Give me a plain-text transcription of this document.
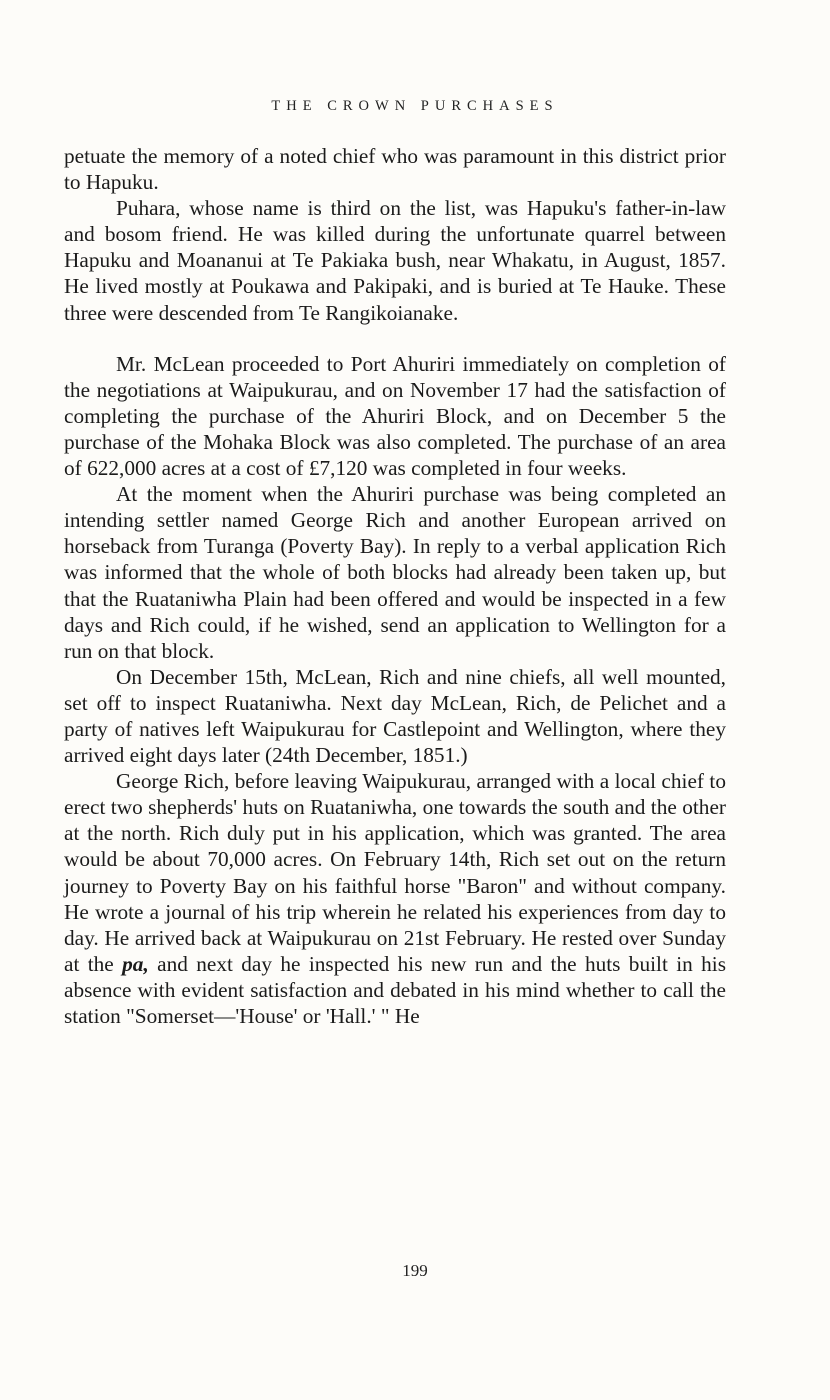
THE CROWN PURCHASES

petuate the memory of a noted chief who was paramount in this district prior to Hapuku.

Puhara, whose name is third on the list, was Hapuku's father-in-law and bosom friend. He was killed during the unfortunate quarrel between Hapuku and Moananui at Te Pakiaka bush, near Whakatu, in August, 1857. He lived mostly at Poukawa and Pakipaki, and is buried at Te Hauke. These three were descended from Te Rangikoianake.

Mr. McLean proceeded to Port Ahuriri immediately on completion of the negotiations at Waipukurau, and on November 17 had the satisfaction of completing the purchase of the Ahuriri Block, and on December 5 the purchase of the Mohaka Block was also completed. The purchase of an area of 622,000 acres at a cost of £7,120 was completed in four weeks.

At the moment when the Ahuriri purchase was being completed an intending settler named George Rich and another European arrived on horseback from Turanga (Poverty Bay). In reply to a verbal application Rich was informed that the whole of both blocks had already been taken up, but that the Ruataniwha Plain had been offered and would be inspected in a few days and Rich could, if he wished, send an application to Wellington for a run on that block.

On December 15th, McLean, Rich and nine chiefs, all well mounted, set off to inspect Ruataniwha. Next day McLean, Rich, de Pelichet and a party of natives left Waipukurau for Castlepoint and Wellington, where they arrived eight days later (24th December, 1851.)

George Rich, before leaving Waipukurau, arranged with a local chief to erect two shepherds' huts on Ruataniwha, one towards the south and the other at the north. Rich duly put in his application, which was granted. The area would be about 70,000 acres. On February 14th, Rich set out on the return journey to Poverty Bay on his faithful horse "Baron" and without company. He wrote a journal of his trip wherein he related his experiences from day to day. He arrived back at Waipukurau on 21st February. He rested over Sunday at the pa, and next day he inspected his new run and the huts built in his absence with evident satisfaction and debated in his mind whether to call the station "Somerset—'House' or 'Hall.' " He

199
